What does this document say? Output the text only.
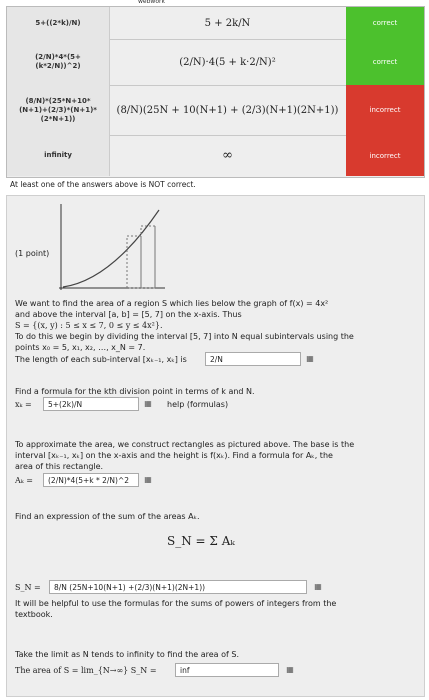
webwork
5+((2*k)/N)	5 + 2k/N	correct
(2/N)*4*(5+
(k*2/N))^2)	(2/N)·4(5 + k·2/N)²	correct
(8/N)*(25*N+10*
(N+1)+(2/3)*(N+1)*
(2*N+1))
(8/N)(25N + 10(N+1) + (2/3)(N+1)(2N+1))	incorrect
infinity	∞	incorrect
At least one of the answers above is NOT correct.
(1 point)
We want to find the area of a region S which lies below the graph of f(x) = 4x²
and above the interval [a, b] = [5, 7] on the x-axis. Thus
S = {(x, y) : 5 ≤ x ≤ 7, 0 ≤ y ≤ 4x²}.
To do this we begin by dividing the interval [5, 7] into N equal subintervals using the
points x₀ = 5, x₁, x₂, …, x_N = 7.
The length of each sub-interval [xₖ₋₁, xₖ] is	2/N	▦
Find a formula for the kth division point in terms of k and N.
xₖ =	5+(2k)/N	▦	help (formulas)
To approximate the area, we construct rectangles as pictured above. The base is the
interval [xₖ₋₁, xₖ] on the x-axis and the height is f(xₖ). Find a formula for Aₖ, the
area of this rectangle.
Aₖ =	(2/N)*4(5+k * 2/N)^2	▦
Find an expression of the sum of the areas Aₖ.
S_N = Σ Aₖ
S_N =	8/N (25N+10(N+1) +(2/3)(N+1)(2N+1))	▦
It will be helpful to use the formulas for the sums of powers of integers from the
textbook.
Take the limit as N tends to infinity to find the area of S.
The area of S = lim_{N→∞} S_N =	inf	▦
